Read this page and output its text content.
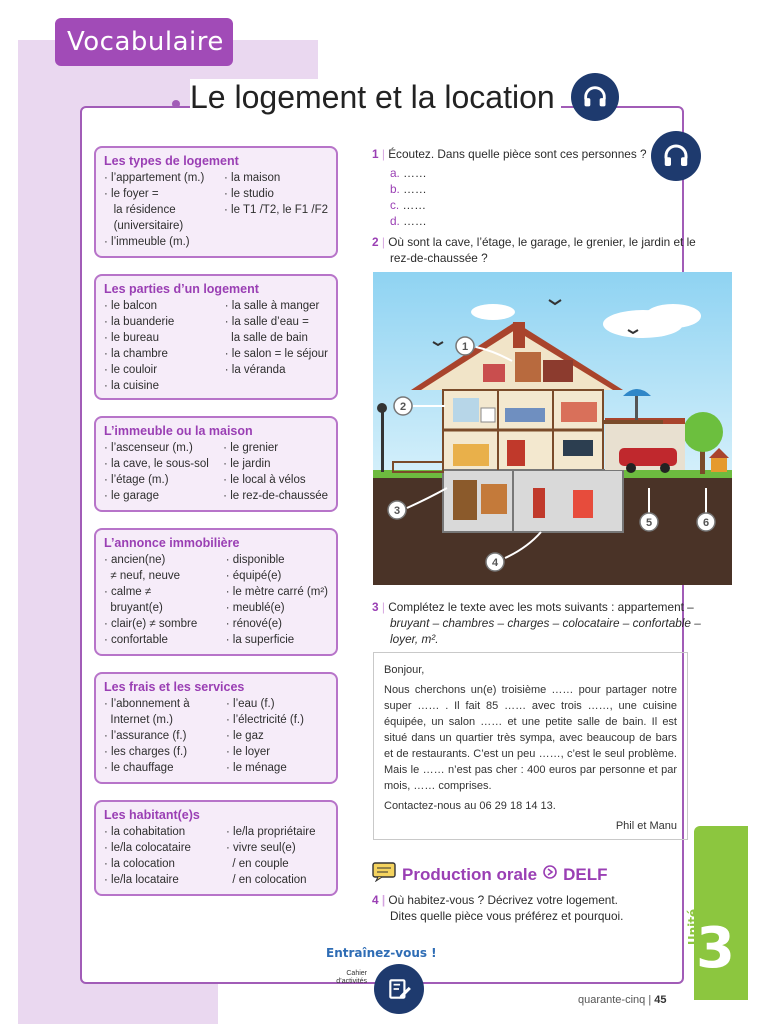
Vocabulaire
Le logement et la location
Les types de logement
· l’appartement (m.)
· le foyer =
la résidence
(universitaire)
· l’immeuble (m.)
· la maison
· le studio
· le T1 /T2, le F1 /F2
Les parties d’un logement
· le balcon
· la buanderie
· le bureau
· la chambre
· le couloir
· la cuisine
· la salle à manger
· la salle d’eau =
la salle de bain
· le salon = le séjour
· la véranda
L’immeuble ou la maison
· l’ascenseur (m.)
· la cave, le sous-sol
· l’étage (m.)
· le garage
· le grenier
· le jardin
· le local à vélos
· le rez-de-chaussée
L’annonce immobilière
· ancien(ne)
≠ neuf, neuve
· calme ≠
bruyant(e)
· clair(e) ≠ sombre
· confortable
· disponible
· équipé(e)
· le mètre carré (m²)
· meublé(e)
· rénové(e)
· la superficie
Les frais et les services
· l’abonnement à
Internet (m.)
· l’assurance (f.)
· les charges (f.)
· le chauffage
· l’eau (f.)
· l’électricité (f.)
· le gaz
· le loyer
· le ménage
Les habitant(e)s
· la cohabitation
· le/la colocataire
· la colocation
· le/la locataire
· le/la propriétaire
· vivre seul(e)
/ en couple
/ en colocation
1 | Écoutez. Dans quelle pièce sont ces personnes ?
a. ……
b. ……
c. ……
d. ……
2 | Où sont la cave, l’étage, le garage, le grenier, le jardin et le
rez-de-chaussée ?
1
2
3
4
5	6
3 | Complétez le texte avec les mots suivants : appartement –
bruyant – chambres – charges – colocataire – confortable –
loyer, m².

Bonjour,

Nous cherchons un(e) troisième …… pour partager notre super …… . Il fait 85 …… avec trois ……, une cuisine équipée, un salon …… et une petite salle de bain. Il est situé dans un quartier très sympa, avec beaucoup de bars et de restaurants. C’est un peu ……, c’est le seul problème. Mais le …… n’est pas cher : 400 euros par personne et par mois, …… comprises.

Contactez-nous au 06 29 18 14 13.

Phil et Manu

Production orale DELF
4 | Où habitez-vous ? Décrivez votre logement.
Dites quelle pièce vous préférez et pourquoi.	Unité
3
Entraînez-vous !
Cahier
d’activités
quarante-cinq | 45
